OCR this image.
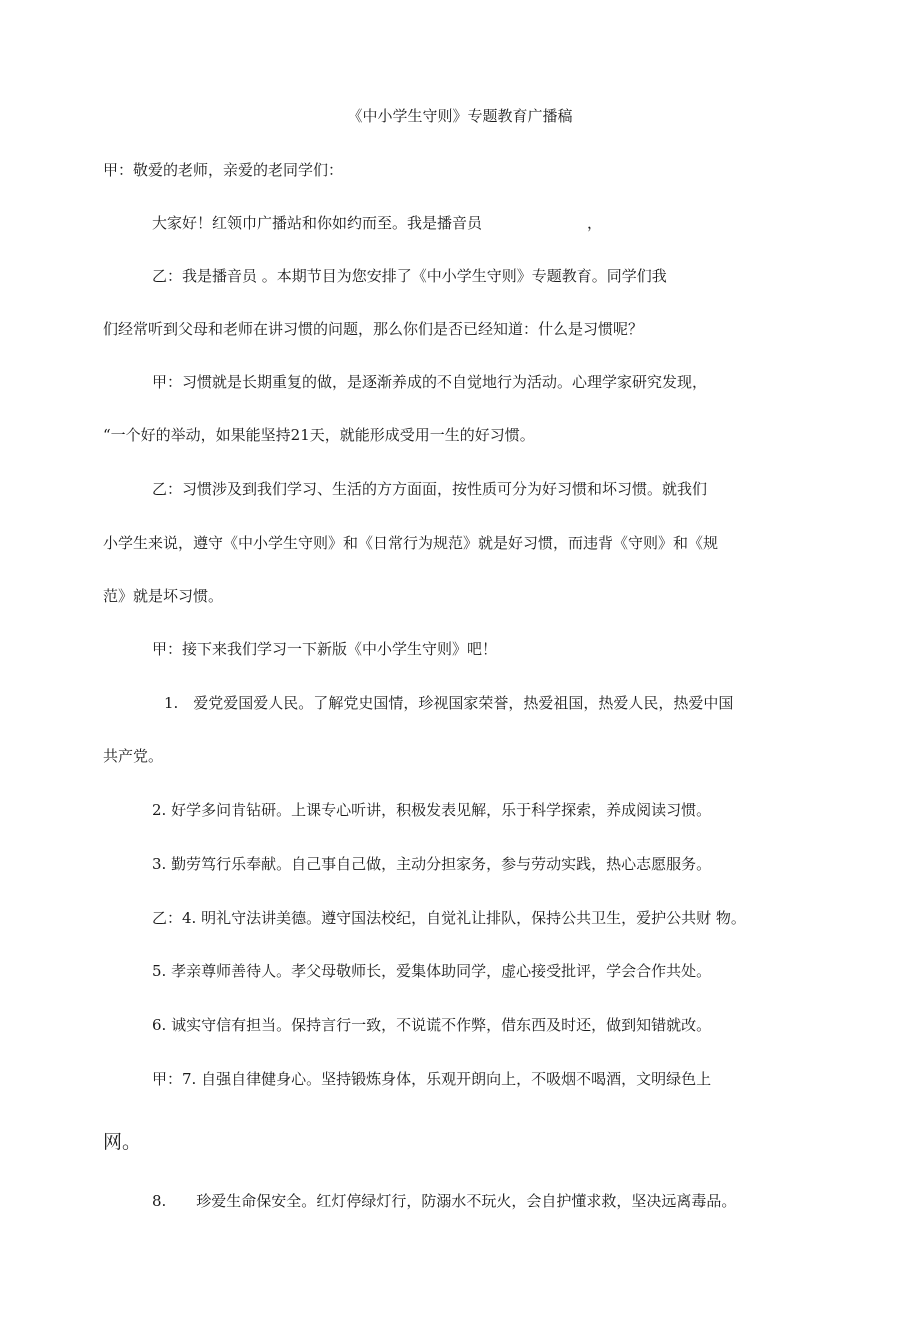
《中小学生守则》专题教育广播稿
甲：敬爱的老师，亲爱的老同学们：
大家好！红领巾广播站和你如约而至。我是播音员　　　　　　　，
乙：我是播音员 。本期节目为您安排了《中小学生守则》专题教育。同学们我
们经常听到父母和老师在讲习惯的问题，那么你们是否已经知道：什么是习惯呢？
甲：习惯就是长期重复的做，是逐渐养成的不自觉地行为活动。心理学家研究发现，
“一个好的举动，如果能坚持21天，就能形成受用一生的好习惯。
乙：习惯涉及到我们学习、生活的方方面面，按性质可分为好习惯和坏习惯。就我们
小学生来说，遵守《中小学生守则》和《日常行为规范》就是好习惯，而违背《守则》和《规
范》就是坏习惯。
甲：接下来我们学习一下新版《中小学生守则》吧！
1.　爱党爱国爱人民。了解党史国情，珍视国家荣誉，热爱祖国，热爱人民，热爱中国
共产党。
2. 好学多问肯钻研。上课专心听讲，积极发表见解，乐于科学探索，养成阅读习惯。
3. 勤劳笃行乐奉献。自己事自己做，主动分担家务，参与劳动实践，热心志愿服务。
乙：4. 明礼守法讲美德。遵守国法校纪，自觉礼让排队，保持公共卫生，爱护公共财 物。
5. 孝亲尊师善待人。孝父母敬师长，爱集体助同学，虚心接受批评，学会合作共处。
6. 诚实守信有担当。保持言行一致，不说谎不作弊，借东西及时还，做到知错就改。
甲：7. 自强自律健身心。坚持锻炼身体，乐观开朗向上，不吸烟不喝酒，文明绿色上
网。
8.　　珍爱生命保安全。红灯停绿灯行，防溺水不玩火，会自护懂求救，坚决远离毒品。
